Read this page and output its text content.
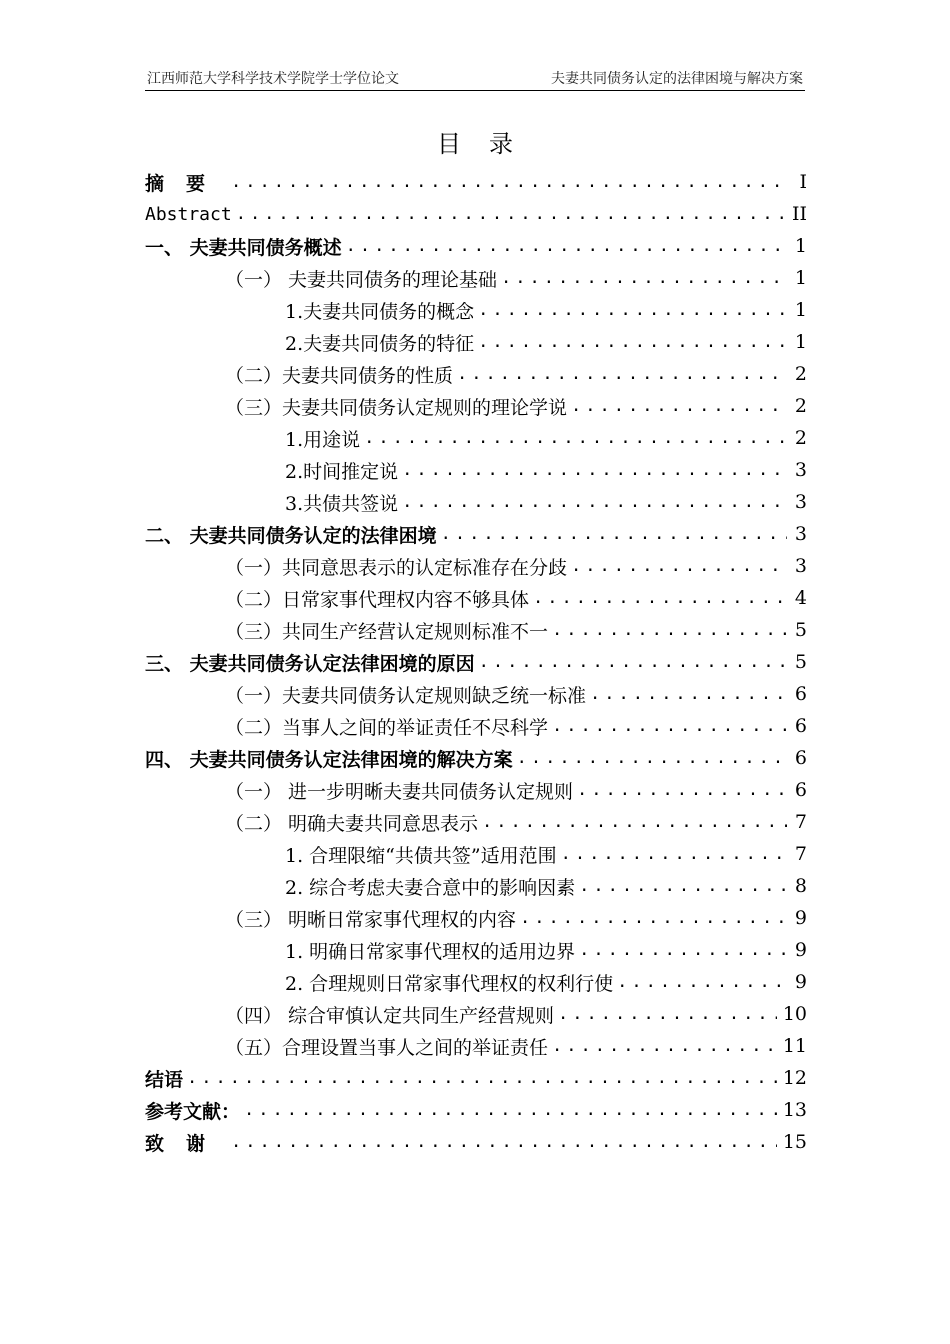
江西师范大学科学技术学院学士学位论文	夫妻共同债务认定的法律困境与解决方案
目录
摘要 .....	I
Abstract .....	II
一、 夫妻共同债务概述 .....	1
（一） 夫妻共同债务的理论基础 .....	1
1.夫妻共同债务的概念 .....	1
2.夫妻共同债务的特征 .....	1
（二）夫妻共同债务的性质 .....	2
（三）夫妻共同债务认定规则的理论学说 .....	2
1.用途说 .....	2
2.时间推定说 .....	3
3.共债共签说 .....	3
二、 夫妻共同债务认定的法律困境 .....	3
（一）共同意思表示的认定标准存在分歧 .....	3
（二）日常家事代理权内容不够具体 .....	4
（三）共同生产经营认定规则标准不一 .....	5
三、 夫妻共同债务认定法律困境的原因 .....	5
（一）夫妻共同债务认定规则缺乏统一标准 .....	6
（二）当事人之间的举证责任不尽科学 .....	6
四、 夫妻共同债务认定法律困境的解决方案 .....	6
（一） 进一步明晰夫妻共同债务认定规则 .....	6
（二） 明确夫妻共同意思表示 .....	7
1. 合理限缩“共债共签”适用范围 .....	7
2. 综合考虑夫妻合意中的影响因素 .....	8
（三） 明晰日常家事代理权的内容 .....	9
1. 明确日常家事代理权的适用边界 .....	9
2. 合理规则日常家事代理权的权利行使 .....	9
（四） 综合审慎认定共同生产经营规则 .....	10
（五）合理设置当事人之间的举证责任 .....	11
结语 .....	12
参考文献： .....	13
致谢 .....	15
